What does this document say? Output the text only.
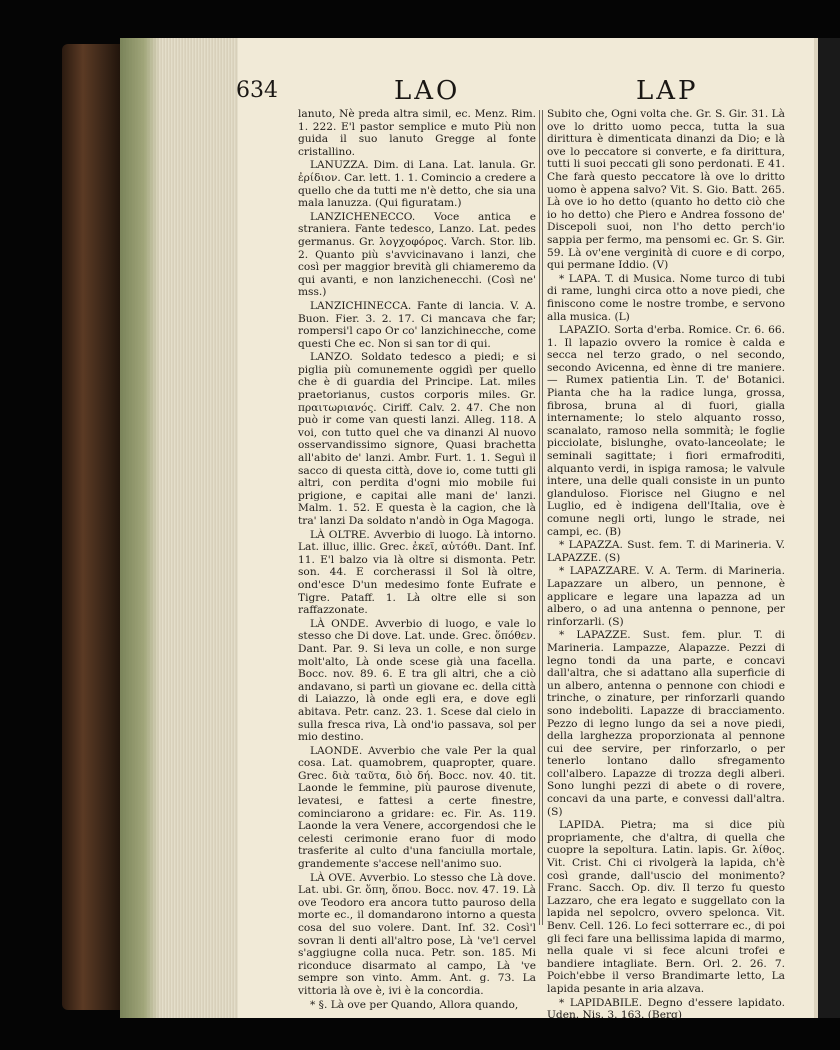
634	LAO	LAP

lanuto, Nè preda altra simil, ec. Menz. Rim. 1. 222. E'l pastor semplice e muto Più non guida il suo lanuto Gregge al fonte cristallino.

LANUZZA. Dim. di Lana. Lat. lanula. Gr. ἐρίδιον. Car. lett. 1. 1. Comincio a credere a quello che da tutti me n'è detto, che sia una mala lanuzza. (Qui figuratam.)

LANZICHENECCO. Voce antica e straniera. Fante tedesco, Lanzo. Lat. pedes germanus. Gr. λογχοφόρος. Varch. Stor. lib. 2. Quanto più s'avvicinavano i lanzi, che così per maggior brevità gli chiameremo da qui avanti, e non lanzichenecchi. (Così ne' mss.)

LANZICHINECCA. Fante di lancia. V. A. Buon. Fier. 3. 2. 17. Ci mancava che far; rompersi'l capo Or co' lanzichinecche, come questi Che ec. Non si san tor di qui.

LANZO. Soldato tedesco a piedi; e si piglia più comunemente oggidì per quello che è di guardia del Principe. Lat. miles praetorianus, custos corporis miles. Gr. πραιτωριανός. Ciriff. Calv. 2. 47. Che non può ir come van questi lanzi. Alleg. 118. A voi, con tutto quel che va dinanzi Al nuovo osservandissimo signore, Quasi brachetta all'abito de' lanzi. Ambr. Furt. 1. 1. Seguì il sacco di questa città, dove io, come tutti gli altri, con perdita d'ogni mio mobile fui prigione, e capitai alle mani de' lanzi. Malm. 1. 52. E questa è la cagion, che là tra' lanzi Da soldato n'andò in Oga Magoga.

LÀ OLTRE. Avverbio di luogo. Là intorno. Lat. illuc, illic. Grec. ἐκεῖ, αὐτόθι. Dant. Inf. 11. E'l balzo via là oltre si dismonta. Petr. son. 44. E corcherassi il Sol là oltre, ond'esce D'un medesimo fonte Eufrate e Tigre. Pataff. 1. Là oltre elle si son raffazzonate.

LÀ ONDE. Avverbio di luogo, e vale lo stesso che Di dove. Lat. unde. Grec. ὅπόθεν. Dant. Par. 9. Si leva un colle, e non surge molt'alto, Là onde scese già una facella. Bocc. nov. 89. 6. E tra gli altri, che a ciò andavano, si partì un giovane ec. della città di Laiazzo, là onde egli era, e dove egli abitava. Petr. canz. 23. 1. Scese dal cielo in sulla fresca riva, Là ond'io passava, sol per mio destino.

LAONDE. Avverbio che vale Per la qual cosa. Lat. quamobrem, quapropter, quare. Grec. διὰ ταῦτα, διὸ δή. Bocc. nov. 40. tit. Laonde le femmine, più paurose divenute, levatesi, e fattesi a certe finestre, cominciarono a gridare: ec. Fir. As. 119. Laonde la vera Venere, accorgendosi che le celesti cerimonie erano fuor di modo trasferite al culto d'una fanciulla mortale, grandemente s'accese nell'animo suo.

LÀ OVE. Avverbio. Lo stesso che Là dove. Lat. ubi. Gr. ὅπη, ὅπου. Bocc. nov. 47. 19. Là ove Teodoro era ancora tutto pauroso della morte ec., il domandarono intorno a questa cosa del suo volere. Dant. Inf. 32. Così'l sovran li denti all'altro pose, Là 've'l cervel s'aggiugne colla nuca. Petr. son. 185. Mi riconduce disarmato al campo, Là 've sempre son vinto. Amm. Ant. g. 73. La vittoria là ove è, ivi è la concordia.

* §. Là ove per Quando, Allora quando,

Subito che, Ogni volta che. Gr. S. Gir. 31. Là ove lo dritto uomo pecca, tutta la sua dirittura è dimenticata dinanzi da Dio; e là ove lo peccatore si converte, e fa dirittura, tutti li suoi peccati gli sono perdonati. E 41. Che farà questo peccatore là ove lo dritto uomo è appena salvo? Vit. S. Gio. Batt. 265. Là ove io ho detto (quanto ho detto ciò che io ho detto) che Piero e Andrea fossono de' Discepoli suoi, non l'ho detto perch'io sappia per fermo, ma pensomi ec. Gr. S. Gir. 59. Là ov'ene verginità di cuore e di corpo, qui permane Iddio. (V)

* LAPA. T. di Musica. Nome turco di tubi di rame, lunghi circa otto a nove piedi, che finiscono come le nostre trombe, e servono alla musica. (L)

LAPAZIO. Sorta d'erba. Romice. Cr. 6. 66. 1. Il lapazio ovvero la romice è calda e secca nel terzo grado, o nel secondo, secondo Avicenna, ed ènne di tre maniere. — Rumex patientia Lin. T. de' Botanici. Pianta che ha la radice lunga, grossa, fibrosa, bruna al di fuori, gialla internamente; lo stelo alquanto rosso, scanalato, ramoso nella sommità; le foglie picciolate, bislunghe, ovato-lanceolate; le seminali sagittate; i fiori ermafroditi, alquanto verdi, in ispiga ramosa; le valvule intere, una delle quali consiste in un punto glanduloso. Fiorisce nel Giugno e nel Luglio, ed è indigena dell'Italia, ove è comune negli orti, lungo le strade, nei campi, ec. (B)

* LAPAZZA. Sust. fem. T. di Marineria. V. LAPAZZE. (S)

* LAPAZZARE. V. A. Term. di Marineria. Lapazzare un albero, un pennone, è applicare e legare una lapazza ad un albero, o ad una antenna o pennone, per rinforzarli. (S)

* LAPAZZE. Sust. fem. plur. T. di Marineria. Lampazze, Alapazze. Pezzi di legno tondi da una parte, e concavi dall'altra, che si adattano alla superficie di un albero, antenna o pennone con chiodi e trinche, o zinature, per rinforzarli quando sono indeboliti. Lapazze di bracciamento. Pezzo di legno lungo da sei a nove piedi, della larghezza proporzionata al pennone cui dee servire, per rinforzarlo, o per tenerlo lontano dallo sfregamento coll'albero. Lapazze di trozza degli alberi. Sono lunghi pezzi di abete o di rovere, concavi da una parte, e convessi dall'altra. (S)

LAPIDA. Pietra; ma si dice più propriamente, che d'altra, di quella che cuopre la sepoltura. Latin. lapis. Gr. λίθος. Vit. Crist. Chi ci rivolgerà la lapida, ch'è così grande, dall'uscio del monimento? Franc. Sacch. Op. div. Il terzo fu questo Lazzaro, che era legato e suggellato con la lapida nel sepolcro, ovvero spelonca. Vit. Benv. Cell. 126. Lo feci sotterrare ec., di poi gli feci fare una bellissima lapida di marmo, nella quale vi si fece alcuni trofei e bandiere intagliate. Bern. Orl. 2. 26. 7. Poich'ebbe il verso Brandimarte letto, La lapida pesante in aria alzava.

* LAPIDABILE. Degno d'essere lapidato. Uden. Nis. 3. 163. (Berg)
